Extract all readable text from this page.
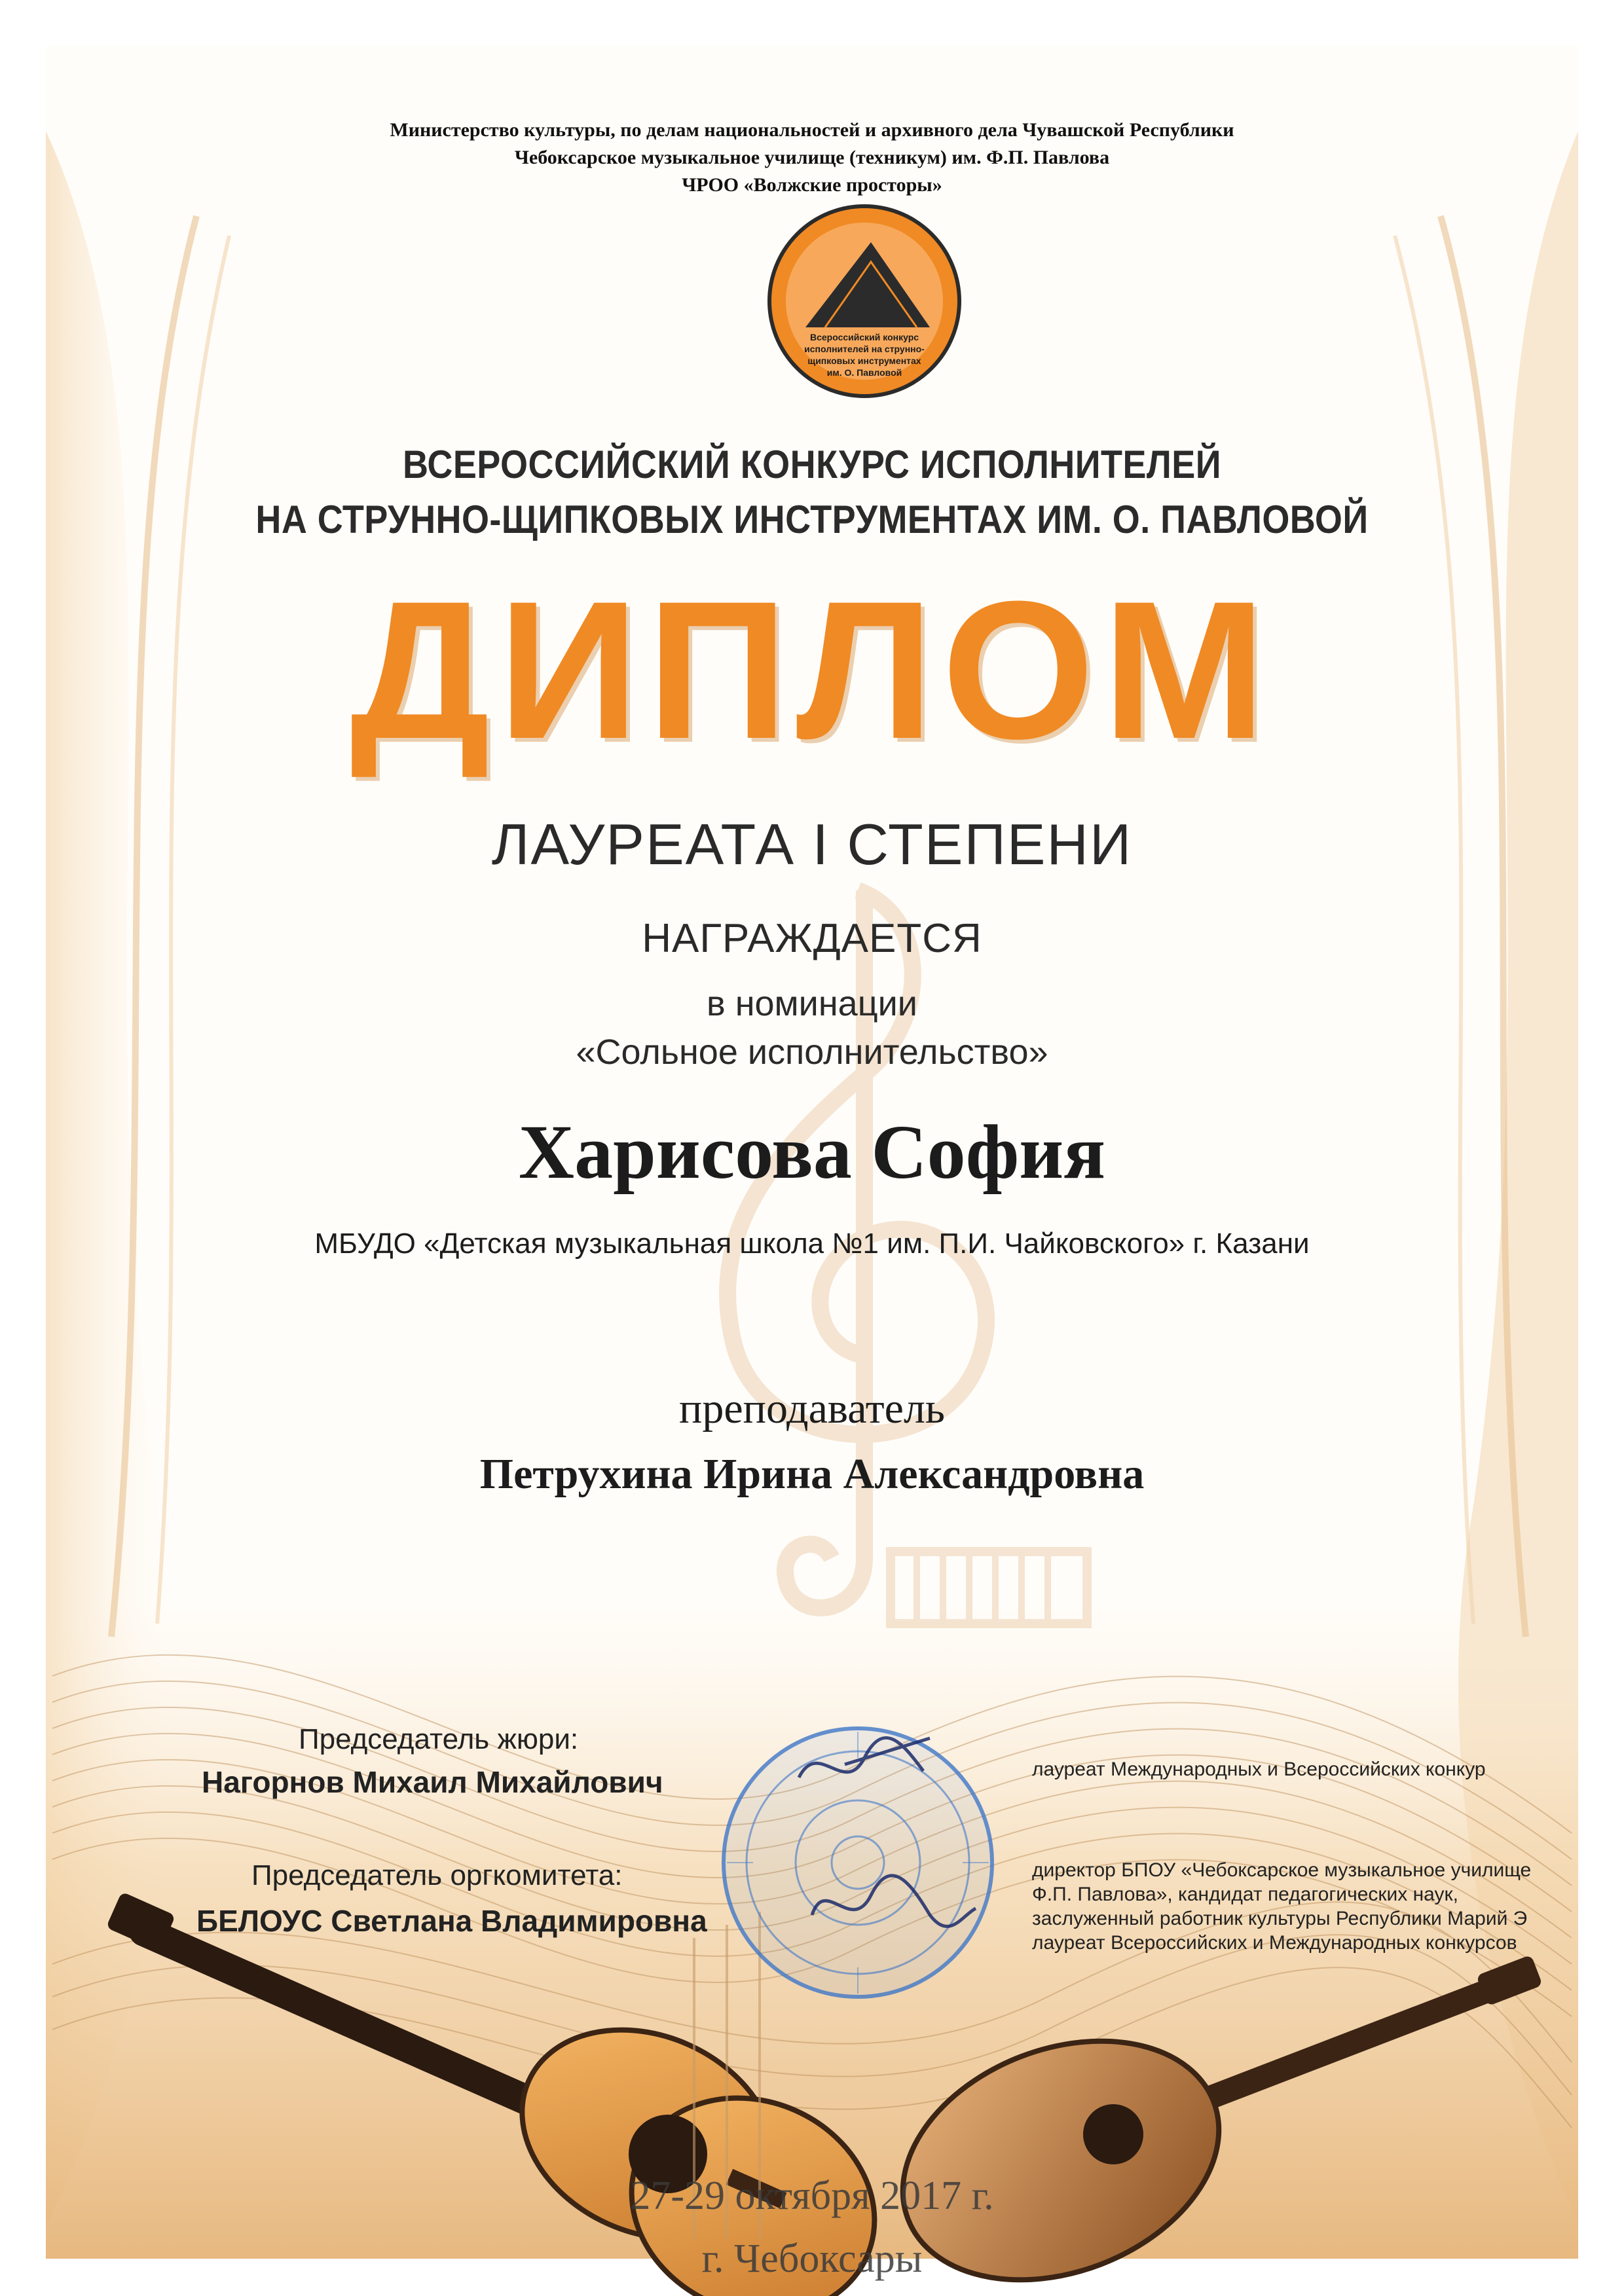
Министерство культуры, по делам национальностей и архивного дела Чувашской Республики
Чебоксарское музыкальное училище (техникум) им. Ф.П. Павлова
ЧРОО «Волжские просторы»
Всероссийский конкурс
исполнителей на струнно-
щипковых инструментах
им. О. Павловой
ВСЕРОССИЙСКИЙ КОНКУРС ИСПОЛНИТЕЛЕЙ
НА СТРУННО-ЩИПКОВЫХ ИНСТРУМЕНТАХ ИМ. О. ПАВЛОВОЙ
ДИПЛОМ
ЛАУРЕАТА I СТЕПЕНИ
НАГРАЖДАЕТСЯ
в номинации
«Сольное исполнительство»
Харисова София
МБУДО «Детская музыкальная школа №1 им. П.И. Чайковского» г. Казани
преподаватель
Петрухина Ирина Александровна
Председатель жюри:
Нагорнов Михаил Михайлович
Председатель оргкомитета:
БЕЛОУС Светлана Владимировна
лауреат Международных и Всероссийских конкур
директор БПОУ «Чебоксарское музыкальное училище
Ф.П. Павлова», кандидат педагогических наук,
заслуженный работник культуры Республики Марий Э
лауреат Всероссийских и Международных конкурсов
27-29 октября 2017 г.
г. Чебоксары
